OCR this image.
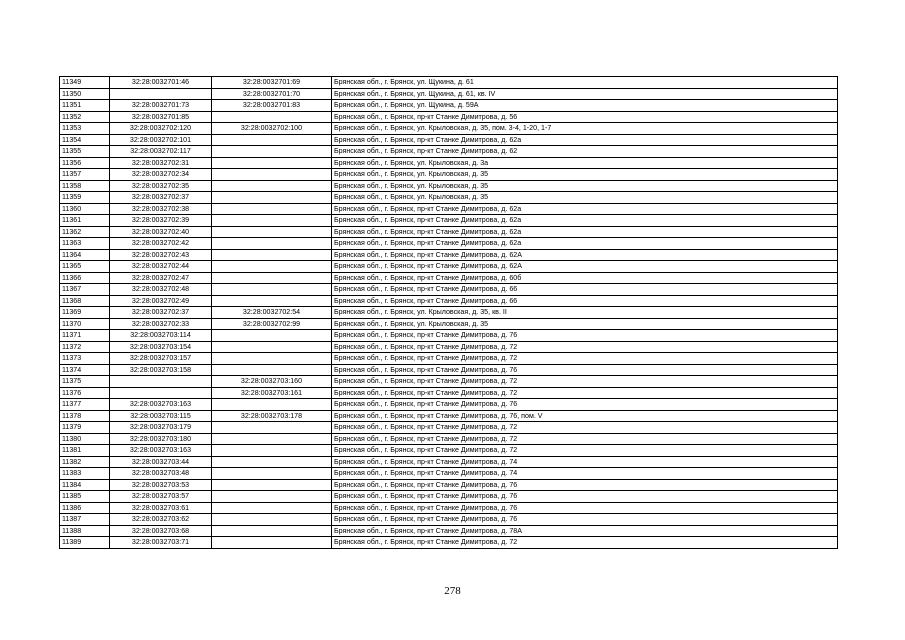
11349	32:28:0032701:46	32:28:0032701:69	Брянская обл., г. Брянск, ул. Щукина, д. 61
11350		32:28:0032701:70	Брянская обл., г. Брянск, ул. Щукина, д. 61, кв. IV
11351	32:28:0032701:73	32:28:0032701:83	Брянская обл., г. Брянск, ул. Щукина, д. 59А
11352	32:28:0032701:85		Брянская обл., г. Брянск, пр-кт Станке Димитрова, д. 56
11353	32:28:0032702:120	32:28:0032702:100	Брянская обл., г. Брянск, ул. Крыловская, д. 35, пом. 3-4, 1-20, 1-7
11354	32:28:0032702:101		Брянская обл., г. Брянск, пр-кт Станке Димитрова, д. 62а
11355	32:28:0032702:117		Брянская обл., г. Брянск, пр-кт Станке Димитрова, д. 62
11356	32:28:0032702:31		Брянская обл., г. Брянск, ул. Крыловская, д. 3а
11357	32:28:0032702:34		Брянская обл., г. Брянск, ул. Крыловская, д. 35
11358	32:28:0032702:35		Брянская обл., г. Брянск, ул. Крыловская, д. 35
11359	32:28:0032702:37		Брянская обл., г. Брянск, ул. Крыловская, д. 35
11360	32:28:0032702:38		Брянская обл., г. Брянск, пр-кт Станке Димитрова, д. 62а
11361	32:28:0032702:39		Брянская обл., г. Брянск, пр-кт Станке Димитрова, д. 62а
11362	32:28:0032702:40		Брянская обл., г. Брянск, пр-кт Станке Димитрова, д. 62а
11363	32:28:0032702:42		Брянская обл., г. Брянск, пр-кт Станке Димитрова, д. 62а
11364	32:28:0032702:43		Брянская обл., г. Брянск, пр-кт Станке Димитрова, д. 62А
11365	32:28:0032702:44		Брянская обл., г. Брянск, пр-кт Станке Димитрова, д. 62А
11366	32:28:0032702:47		Брянская обл., г. Брянск, пр-кт Станке Димитрова, д. 60б
11367	32:28:0032702:48		Брянская обл., г. Брянск, пр-кт Станке Димитрова, д. 66
11368	32:28:0032702:49		Брянская обл., г. Брянск, пр-кт Станке Димитрова, д. 66
11369	32:28:0032702:37	32:28:0032702:54	Брянская обл., г. Брянск, ул. Крыловская, д. 35, кв. II
11370	32:28:0032702:33	32:28:0032702:99	Брянская обл., г. Брянск, ул. Крыловская, д. 35
11371	32:28:0032703:114		Брянская обл., г. Брянск, пр-кт Станке Димитрова, д. 76
11372	32:28:0032703:154		Брянская обл., г. Брянск, пр-кт Станке Димитрова, д. 72
11373	32:28:0032703:157		Брянская обл., г. Брянск, пр-кт Станке Димитрова, д. 72
11374	32:28:0032703:158		Брянская обл., г. Брянск, пр-кт Станке Димитрова, д. 76
11375		32:28:0032703:160	Брянская обл., г. Брянск, пр-кт Станке Димитрова, д. 72
11376		32:28:0032703:161	Брянская обл., г. Брянск, пр-кт Станке Димитрова, д. 72
11377	32:28:0032703:163		Брянская обл., г. Брянск, пр-кт Станке Димитрова, д. 76
11378	32:28:0032703:115	32:28:0032703:178	Брянская обл., г. Брянск, пр-кт Станке Димитрова, д. 76, пом. V
11379	32:28:0032703:179		Брянская обл., г. Брянск, пр-кт Станке Димитрова, д. 72
11380	32:28:0032703:180		Брянская обл., г. Брянск, пр-кт Станке Димитрова, д. 72
11381	32:28:0032703:163		Брянская обл., г. Брянск, пр-кт Станке Димитрова, д. 72
11382	32:28:0032703:44		Брянская обл., г. Брянск, пр-кт Станке Димитрова, д. 74
11383	32:28:0032703:48		Брянская обл., г. Брянск, пр-кт Станке Димитрова, д. 74
11384	32:28:0032703:53		Брянская обл., г. Брянск, пр-кт Станке Димитрова, д. 76
11385	32:28:0032703:57		Брянская обл., г. Брянск, пр-кт Станке Димитрова, д. 76
11386	32:28:0032703:61		Брянская обл., г. Брянск, пр-кт Станке Димитрова, д. 76
11387	32:28:0032703:62		Брянская обл., г. Брянск, пр-кт Станке Димитрова, д. 76
11388	32:28:0032703:68		Брянская обл., г. Брянск, пр-кт Станке Димитрова, д. 78А
11389	32:28:0032703:71		Брянская обл., г. Брянск, пр-кт Станке Димитрова, д. 72
278
